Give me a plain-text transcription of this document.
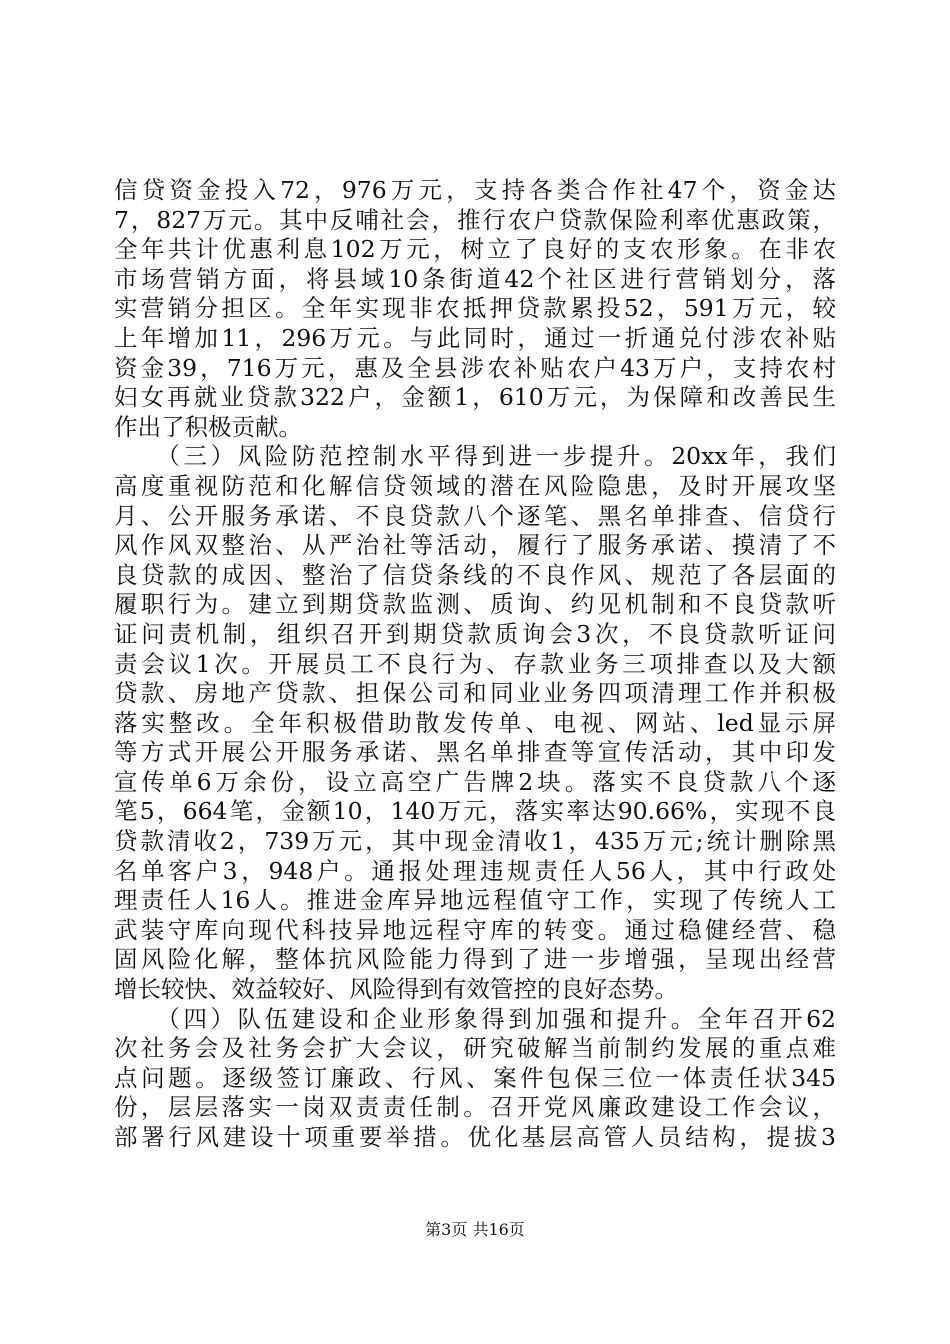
信贷资金投入72，976万元，支持各类合作社47个，资金达
7，827万元。其中反哺社会，推行农户贷款保险利率优惠政策，
全年共计优惠利息102万元，树立了良好的支农形象。在非农
市场营销方面，将县域10条街道42个社区进行营销划分，落
实营销分担区。全年实现非农抵押贷款累投52，591万元，较
上年增加11，296万元。与此同时，通过一折通兑付涉农补贴
资金39，716万元，惠及全县涉农补贴农户43万户，支持农村
妇女再就业贷款322户，金额1，610万元，为保障和改善民生
作出了积极贡献。
　　（三）风险防范控制水平得到进一步提升。20xx年，我们
高度重视防范和化解信贷领域的潜在风险隐患，及时开展攻坚
月、公开服务承诺、不良贷款八个逐笔、黑名单排查、信贷行
风作风双整治、从严治社等活动，履行了服务承诺、摸清了不
良贷款的成因、整治了信贷条线的不良作风、规范了各层面的
履职行为。建立到期贷款监测、质询、约见机制和不良贷款听
证问责机制，组织召开到期贷款质询会3次，不良贷款听证问
责会议1次。开展员工不良行为、存款业务三项排查以及大额
贷款、房地产贷款、担保公司和同业业务四项清理工作并积极
落实整改。全年积极借助散发传单、电视、网站、led显示屏
等方式开展公开服务承诺、黑名单排查等宣传活动，其中印发
宣传单6万余份，设立高空广告牌2块。落实不良贷款八个逐
笔5，664笔，金额10，140万元，落实率达90.66%，实现不良
贷款清收2，739万元，其中现金清收1，435万元;统计删除黑
名单客户3，948户。通报处理违规责任人56人，其中行政处
理责任人16人。推进金库异地远程值守工作，实现了传统人工
武装守库向现代科技异地远程守库的转变。通过稳健经营、稳
固风险化解，整体抗风险能力得到了进一步增强，呈现出经营
增长较快、效益较好、风险得到有效管控的良好态势。
　　（四）队伍建设和企业形象得到加强和提升。全年召开62
次社务会及社务会扩大会议，研究破解当前制约发展的重点难
点问题。逐级签订廉政、行风、案件包保三位一体责任状345
份，层层落实一岗双责责任制。召开党风廉政建设工作会议，
部署行风建设十项重要举措。优化基层高管人员结构，提拔3
第3页 共16页
